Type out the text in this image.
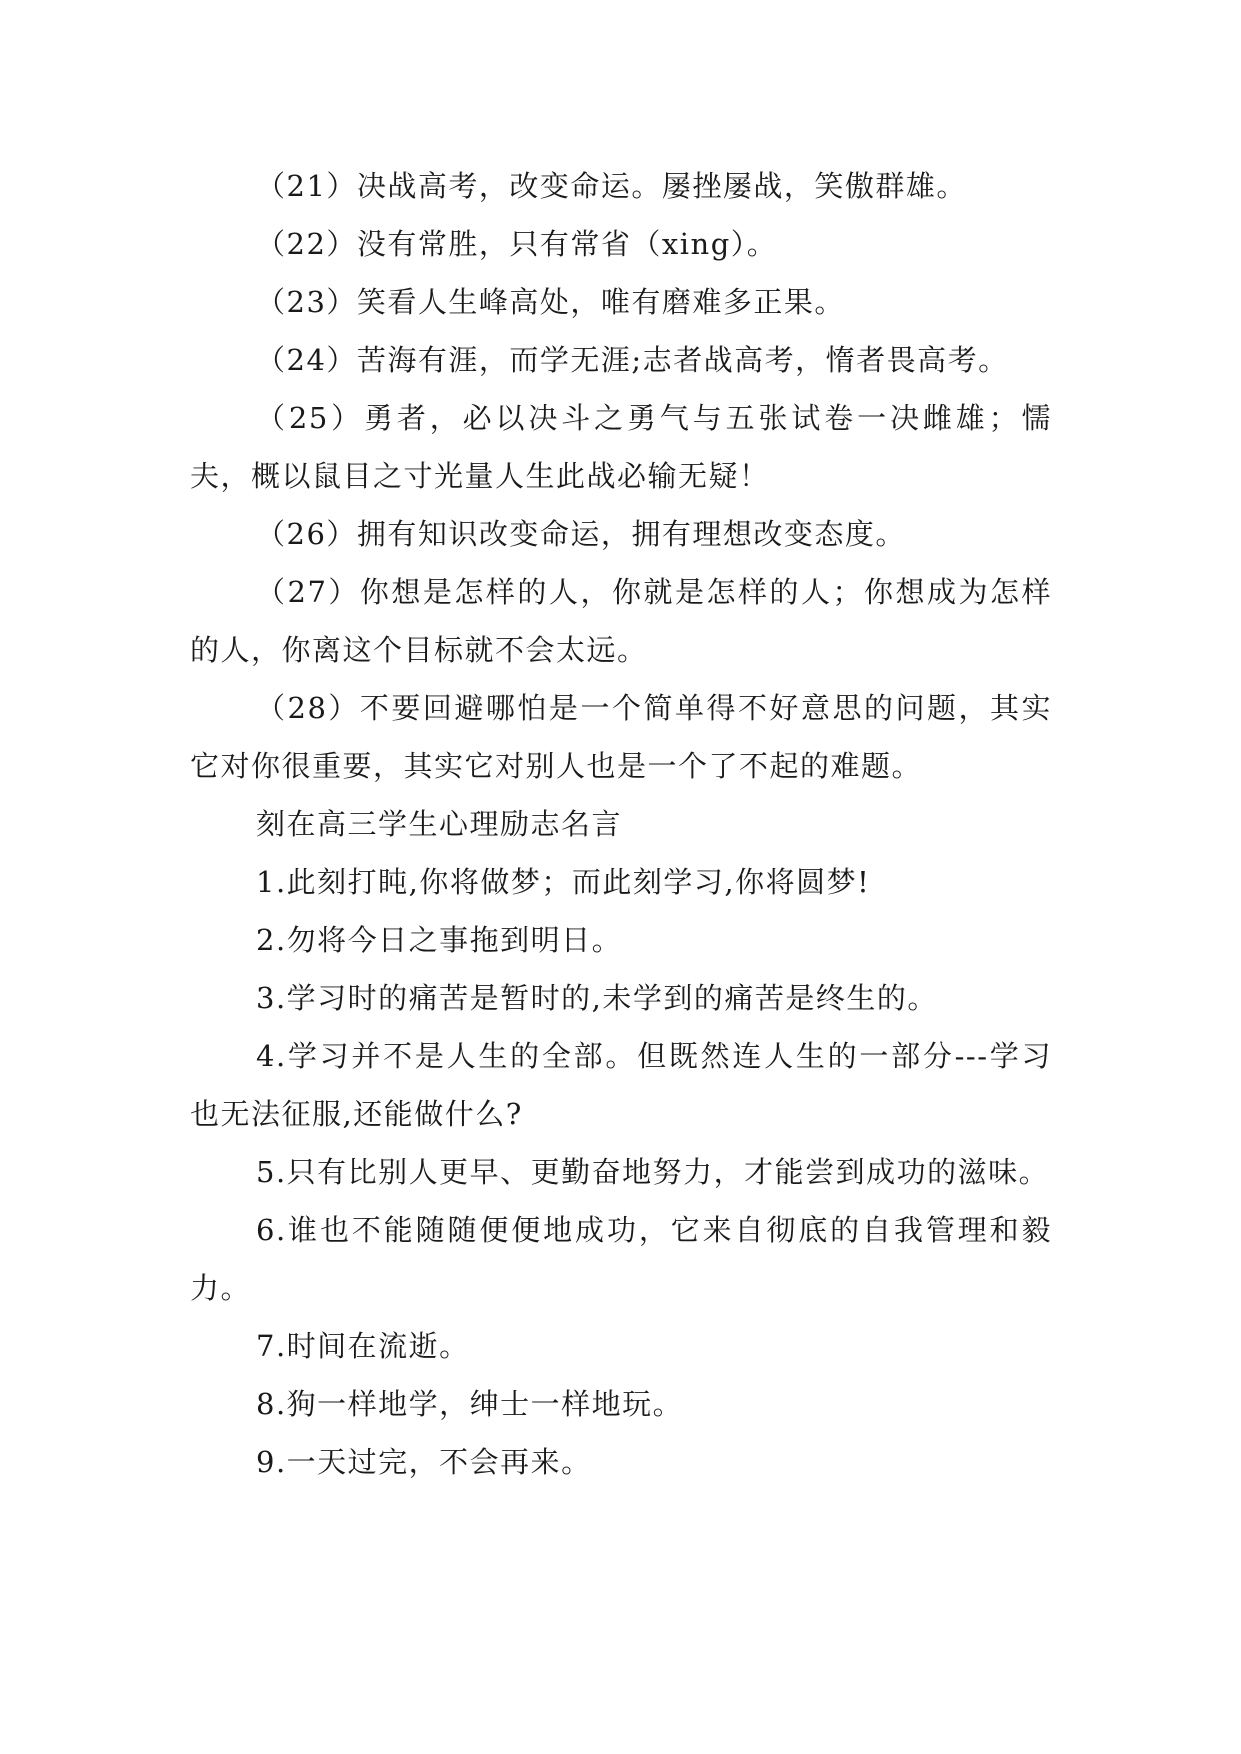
（21）决战高考，改变命运。屡挫屡战，笑傲群雄。

（22）没有常胜，只有常省（xing）。

（23）笑看人生峰高处，唯有磨难多正果。

（24）苦海有涯，而学无涯;志者战高考，惰者畏高考。

（25）勇者，必以决斗之勇气与五张试卷一决雌雄；懦夫，概以鼠目之寸光量人生此战必输无疑！

（26）拥有知识改变命运，拥有理想改变态度。

（27）你想是怎样的人，你就是怎样的人；你想成为怎样的人，你离这个目标就不会太远。

（28）不要回避哪怕是一个简单得不好意思的问题，其实它对你很重要，其实它对别人也是一个了不起的难题。

刻在高三学生心理励志名言

1.此刻打盹,你将做梦；而此刻学习,你将圆梦!

2.勿将今日之事拖到明日。

3.学习时的痛苦是暂时的,未学到的痛苦是终生的。

4.学习并不是人生的全部。但既然连人生的一部分---学习也无法征服,还能做什么?

5.只有比别人更早、更勤奋地努力，才能尝到成功的滋味。

6.谁也不能随随便便地成功，它来自彻底的自我管理和毅力。

7.时间在流逝。

8.狗一样地学，绅士一样地玩。

9.一天过完，不会再来。
